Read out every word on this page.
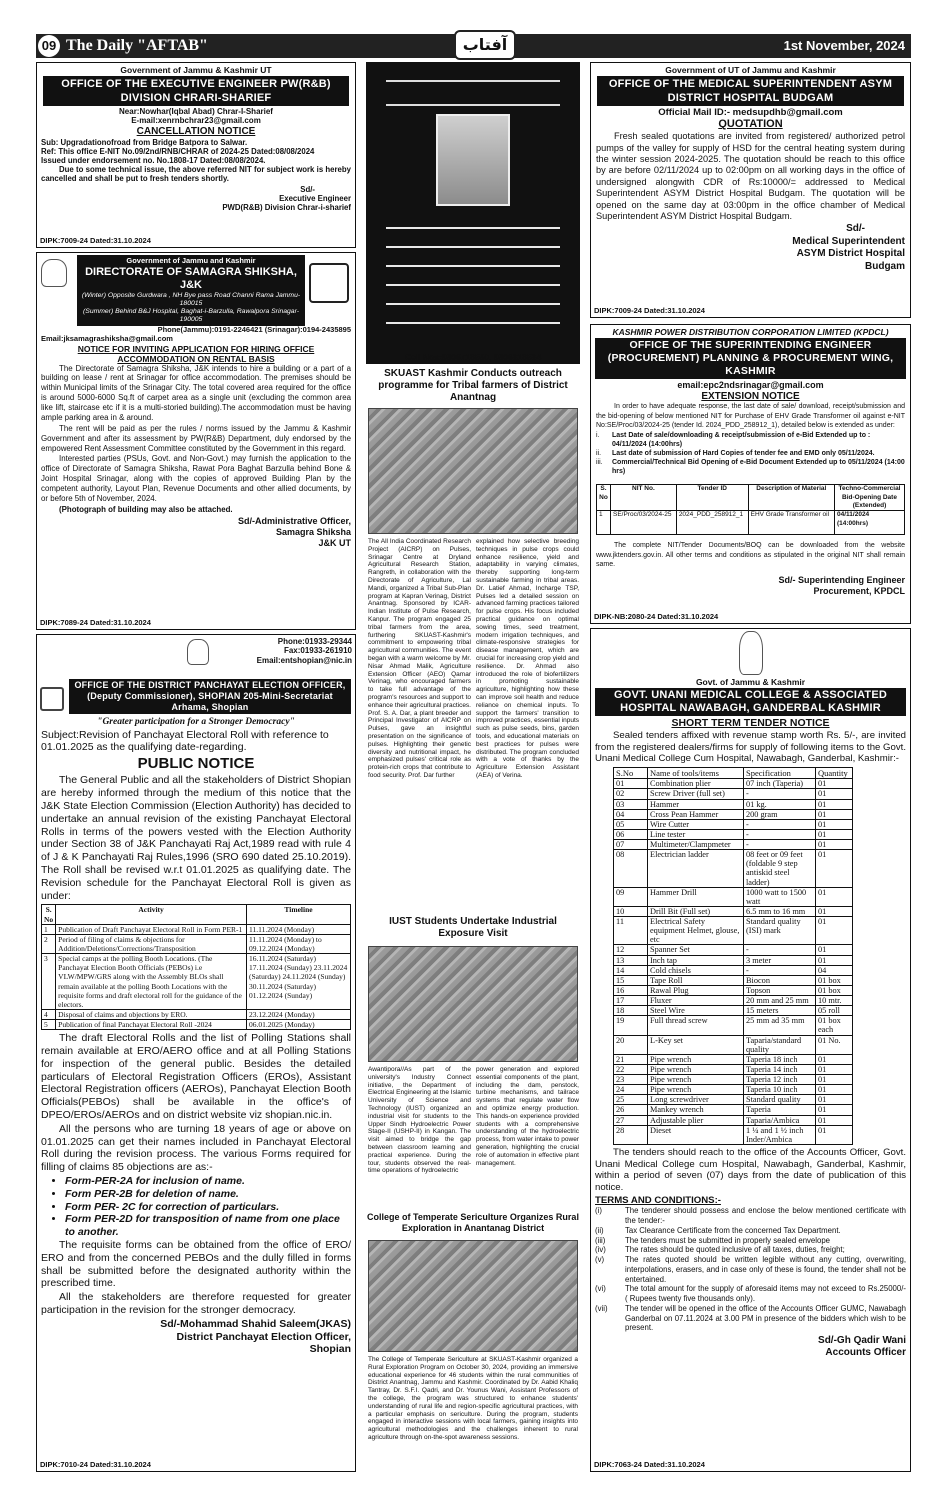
09 The Daily "AFTAB"	آفتاب	1st November, 2024
Government of Jammu & Kashmir UT
OFFICE OF THE EXECUTIVE ENGINEER PW(R&B) DIVISION CHRARI-SHARIEF
Near:Nowhar(Iqbal Abad) Chrar-I-Sharief
E-mail:xenrnbchrar23@gmail.com
CANCELLATION NOTICE
Sub: Upgradationofroad from Bridge Batpora to Salwar.
Ref: This office E-NIT No.09/2nd/RNB/CHRAR of 2024-25 Dated:08/08/2024
Issued under endorsement no. No.1808-17 Dated:08/08/2024.

Due to some technical issue, the above referred NIT for subject work is hereby cancelled and shall be put to fresh tenders shortly.

Sd/-
Executive Engineer
PWD(R&B) Division Chrar-i-sharief
DIPK:7009-24 Dated:31.10.2024
Government of Jammu and Kashmir
DIRECTORATE OF SAMAGRA SHIKSHA, J&K
(Winter) Opposite Gurdwara , NH Bye pass Road Channi Rama Jammu-180015
(Summer) Behind B&J Hospital, Baghat-i-Barzulla, Rawalpora Srinagar-190005
Phone(Jammu):0191-2246421 (Srinagar):0194-2435895
Email:jksamagrashiksha@gmail.com
NOTICE FOR INVITING APPLICATION FOR HIRING OFFICE ACCOMMODATION ON RENTAL BASIS

The Directorate of Samagra Shiksha, J&K intends to hire a building or a part of a building on lease / rent at Srinagar for office accommodation. The premises should be within Municipal limits of the Srinagar City. The total covered area required for the office is around 5000-6000 Sq.ft of carpet area as a single unit (excluding the common area like lift, staircase etc if it is a multi-storied building).The accommodation must be having ample parking area in & around.

The rent will be paid as per the rules / norms issued by the Jammu & Kashmir Government and after its assessment by PW(R&B) Department, duly endorsed by the empowered Rent Assessment Committee constituted by the Government in this regard.

Interested parties (PSUs, Govt. and Non-Govt.) may furnish the application to the office of Directorate of Samagra Shiksha, Rawat Pora Baghat Barzulla behind Bone & Joint Hospital Srinagar, along with the copies of approved Building Plan by the competent authority, Layout Plan, Revenue Documents and other allied documents, by or before 5th of November, 2024.

(Photograph of building may also be attached.

Sd/-Administrative Officer,
Samagra Shiksha
J&K UT
DIPK:7089-24 Dated:31.10.2024
Phone:01933-29344
Fax:01933-261910
Email:entshopian@nic.in
OFFICE OF THE DISTRICT PANCHAYAT ELECTION OFFICER, (Deputy Commissioner), SHOPIAN 205-Mini-Secretariat Arhama, Shopian
"Greater participation for a Stronger Democracy"
Subject:Revision of Panchayat Electoral Roll with reference to 01.01.2025 as the qualifying date-regarding.
PUBLIC NOTICE

The General Public and all the stakeholders of District Shopian are hereby informed through the medium of this notice that the J&K State Election Commission (Election Authority) has decided to undertake an annual revision of the existing Panchayat Electoral Rolls in terms of the powers vested with the Election Authority under Section 38 of J&K Panchayati Raj Act,1989 read with rule 4 of J & K Panchayati Raj Rules,1996 (SRO 690 dated 25.10.2019). The Roll shall be revised w.r.t 01.01.2025 as qualifying date. The Revision schedule for the Panchayat Electoral Roll is given as under:

S. No	Activity	Timeline
1	Publication of Draft Panchayat Electoral Roll in Form PER-1	11.11.2024 (Monday)
2	Period of filing of claims & objections for Addition/Deletions/Corrections/Transposition	11.11.2024 (Monday) to 09.12.2024 (Monday)
3	Special camps at the polling Booth Locations. (The Panchayat Election Booth Officials (PEBOs) i.e VLW/MPW/GRS along with the Assembly BLOs shall remain available at the polling Booth Locations with the requisite forms and draft electoral roll for the guidance of the electors.	16.11.2024 (Saturday) 17.11.2024 (Sunday) 23.11.2024 (Saturday) 24.11.2024 (Sunday) 30.11.2024 (Saturday) 01.12.2024 (Sunday)
4	Disposal of claims and objections by ERO.	23.12.2024 (Monday)
5	Publication of final Panchayat Electoral Roll -2024	06.01.2025 (Monday)

The draft Electoral Rolls and the list of Polling Stations shall remain available at ERO/AERO office and at all Polling Stations for inspection of the general public. Besides the detailed particulars of Electoral Registration Officers (EROs), Assistant Electoral Registration officers (AEROs), Panchayat Election Booth Officials(PEBOs) shall be available in the office's of DPEO/EROs/AEROs and on district website viz shopian.nic.in.

All the persons who are turning 18 years of age or above on 01.01.2025 can get their names included in Panchayat Electoral Roll during the revision process. The various Forms required for filling of claims 85 objections are as:-

• Form-PER-2A for inclusion of name.
• Form PER-2B for deletion of name.
• Form PER- 2C for correction of particulars.
• Form PER-2D for transposition of name from one place to another.

The requisite forms can be obtained from the office of ERO/ ERO and from the concerned PEBOs and the dully filled in forms shall be submitted before the designated authority within the prescribed time.

All the stakeholders are therefore requested for greater participation in the revision for the stronger democracy.

Sd/-Mohammad Shahid Saleem(JKAS)
District Panchayat Election Officer,
Shopian
DIPK:7010-24 Dated:31.10.2024
Cell Nos:9906718590, 9906818584
SKUAST Kashmir Conducts outreach programme for Tribal farmers of District Anantnag
The All India Coordinated Research Project (AICRP) on Pulses, Srinagar Centre at Dryland Agricultural Research Station, Rangreth, in collaboration with the Directorate of Agriculture, Lal Mandi, organized a Tribal Sub-Plan program at Kapran Verinag, District Anantnag. Sponsored by ICAR- Indian Institute of Pulse Research, Kanpur. The program engaged 25 tribal farmers from the area, furthering SKUAST-Kashmir's commitment to empowering tribal agricultural communities. The event began with a warm welcome by Mr. Nisar Ahmad Malik, Agriculture Extension Officer (AEO) Qamar Verinag, who encouraged farmers to take full advantage of the program's resources and support to enhance their agricultural practices. Prof. S. A. Dar, a plant breeder and Principal Investigator of AICRP on Pulses, gave an insightful presentation on the significance of pulses. Highlighting their genetic diversity and nutritional impact, he emphasized pulses' critical role as protein-rich crops that contribute to food security. Prof. Dar further
explained how selective breeding techniques in pulse crops could enhance resilience, yield and adaptability in varying climates, thereby supporting long-term sustainable farming in tribal areas. Dr. Latief Ahmad, Incharge TSP, Pulses led a detailed session on advanced farming practices tailored for pulse crops. His focus included practical guidance on optimal sowing times, seed treatment, modern irrigation techniques, and climate-responsive strategies for disease management, which are crucial for increasing crop yield and resilience. Dr. Ahmad also introduced the role of biofertilizers in promoting sustainable agriculture, highlighting how these can improve soil health and reduce reliance on chemical inputs. To support the farmers' transition to improved practices, essential inputs such as pulse seeds, bins, garden tools, and educational materials on best practices for pulses were distributed. The program concluded with a vote of thanks by the Agriculture Extension Assistant (AEA) of Verina.
IUST Students Undertake Industrial Exposure Visit
Awantipora//As part of the university's Industry Connect initiative, the Department of Electrical Engineering at the Islamic University of Science and Technology (IUST) organized an industrial visit for students to the Upper Sindh Hydroelectric Power Stage-II (USHP-II) in Kangan. The visit aimed to bridge the gap between classroom learning and practical experience. During the tour, students observed the real-time operations of hydroelectric
power generation and explored essential components of the plant, including the dam, penstock, turbine mechanisms, and tailrace systems that regulate water flow and optimize energy production. This hands-on experience provided students with a comprehensive understanding of the hydroelectric process, from water intake to power generation, highlighting the crucial role of automation in effective plant management.
College of Temperate Sericulture Organizes Rural Exploration in Anantanag District
The College of Temperate Sericulture at SKUAST-Kashmir organized a Rural Exploration Program on October 30, 2024, providing an immersive educational experience for 46 students within the rural communities of District Anantnag, Jammu and Kashmir. Coordinated by Dr. Aabid Khaliq Tantray, Dr. S.F.I. Qadri, and Dr. Younus Wani, Assistant Professors of the college, the program was structured to enhance students' understanding of rural life and region-specific agricultural practices, with a particular emphasis on sericulture. During the program, students engaged in interactive sessions with local farmers, gaining insights into agricultural methodologies and the challenges inherent to rural agriculture through on-the-spot awareness sessions.
Government of UT of Jammu and Kashmir
OFFICE OF THE MEDICAL SUPERINTENDENT ASYM DISTRICT HOSPITAL BUDGAM
Official Mail ID:- medsupdhb@gmail.com
QUOTATION

Fresh sealed quotations are invited from registered/ authorized petrol pumps of the valley for supply of HSD for the central heating system during the winter session 2024-2025. The quotation should be reach to this office by are before 02/11/2024 up to 02:00pm on all working days in the office of undersigned alongwith CDR of Rs:10000/= addressed to Medical Superintendent ASYM District Hospital Budgam. The quotation will be opened on the same day at 03:00pm in the office chamber of Medical Superintendent ASYM District Hospital Budgam.

Sd/-
Medical Superintendent
ASYM District Hospital
Budgam
DIPK:7009-24 Dated:31.10.2024
KASHMIR POWER DISTRIBUTION CORPORATION LIMITED (KPDCL)
OFFICE OF THE SUPERINTENDING ENGINEER (PROCUREMENT) PLANNING & PROCUREMENT WING, KASHMIR
email:epc2ndsrinagar@gmail.com
EXTENSION NOTICE

In order to have adequate response, the last date of sale/ download, receipt/submission and the bid-opening of below mentioned NIT for Purchase of EHV Grade Transformer oil against e-NIT No:SE/Proc/03/2024-25 (tender Id. 2024_PDD_258912_1), detailed below is extended as under:

i.	Last Date of sale/downloading & receipt/submission of e-Bid Extended up to : 04/11/2024 (14:00hrs)
ii.	Last date of submission of Hard Copies of tender fee and EMD only 05/11/2024.
iii.	Commercial/Technical Bid Opening of e-Bid Document Extended up to 05/11/2024 (14:00 hrs)
S. No	NIT No.	Tender ID	Description of Material	Techno-Commercial Bid-Opening Date (Extended)
1	SE/Proc/03/2024-25	2024_PDD_258912_1	EHV Grade Transformer oil	04/11/2024 (14:00hrs)

The complete NIT/Tender Documents/BOQ can be downloaded from the website www.jktenders.gov.in. All other terms and conditions as stipulated in the original NIT shall remain same.

Sd/- Superintending Engineer
Procurement, KPDCL
DIPK-NB:2080-24 Dated:31.10.2024
Govt. of Jammu & Kashmir
GOVT. UNANI MEDICAL COLLEGE & ASSOCIATED HOSPITAL NAWABAGH, GANDERBAL KASHMIR
SHORT TERM TENDER NOTICE

Sealed tenders affixed with revenue stamp worth Rs. 5/-, are invited from the registered dealers/firms for supply of following items to the Govt. Unani Medical College Cum Hospital, Nawabagh, Ganderbal, Kashmir:-

S.No	Name of tools/items	Specification	Quantity
01	Combination plier	07 inch (Taperia)	01
02	Screw Driver (full set)	-	01
03	Hammer	01 kg.	01
04	Cross Pean Hammer	200 gram	01
05	Wire Cutter	-	01
06	Line tester	-	01
07	Multimeter/Clampmeter	-	01
08	Electrician ladder	08 feet or 09 feet (foldable 9 step antiskid steel ladder)	01
09	Hammer Drill	1000 watt to 1500 watt	01
10	Drill Bit (Full set)	6.5 mm to 16 mm	01
11	Electrical Safety equipment Helmet, glouse, etc	Standard quality (ISI) mark	01
12	Spanner Set	-	01
13	Inch tap	3 meter	01
14	Cold chisels	-	04
15	Tape Roll	Biocon	01 box
16	Rawal Plug	Topson	01 box
17	Fluxer	20 mm and 25 mm	10 mtr.
18	Steel Wire	15 meters	05 roll
19	Full thread screw	25 mm ad 35 mm	01 box each
20	L-Key set	Taparia/standard quality	01 No.
21	Pipe wrench	Taperia 18 inch	01
22	Pipe wrench	Taperia 14 inch	01
23	Pipe wrench	Taperia 12 inch	01
24	Pipe wrench	Taperia 10 inch	01
25	Long screwdriver	Standard quality	01
26	Mankey wrench	Taperia	01
27	Adjustable plier	Taparia/Ambica	01
28	Dieset	1 ¼ and 1 ½ inch Inder/Ambica	01

The tenders should reach to the office of the Accounts Officer, Govt. Unani Medical College cum Hospital, Nawabagh, Ganderbal, Kashmir, within a period of seven (07) days from the date of publication of this notice.

TERMS AND CONDITIONS:-
(i)	The tenderer should possess and enclose the below mentioned certificate with the tender:-
(ii)	Tax Clearance Certificate from the concerned Tax Department.
(iii)	The tenders must be submitted in properly sealed envelope
(iv)	The rates should be quoted inclusive of all taxes, duties, freight;
(v)	The rates quoted should be written legible without any cutting, overwriting, interpolations, erasers, and in case only of these is found, the tender shall not be entertained.
(vi)	The total amount for the supply of aforesaid items may not exceed to Rs.25000/- ( Rupees twenty five thousands only).
(vii)	The tender will be opened in the office of the Accounts Officer GUMC, Nawabagh Ganderbal on 07.11.2024 at 3.00 PM in presence of the bidders which wish to be present.
Sd/-Gh Qadir Wani
Accounts Officer
DIPK:7063-24 Dated:31.10.2024
